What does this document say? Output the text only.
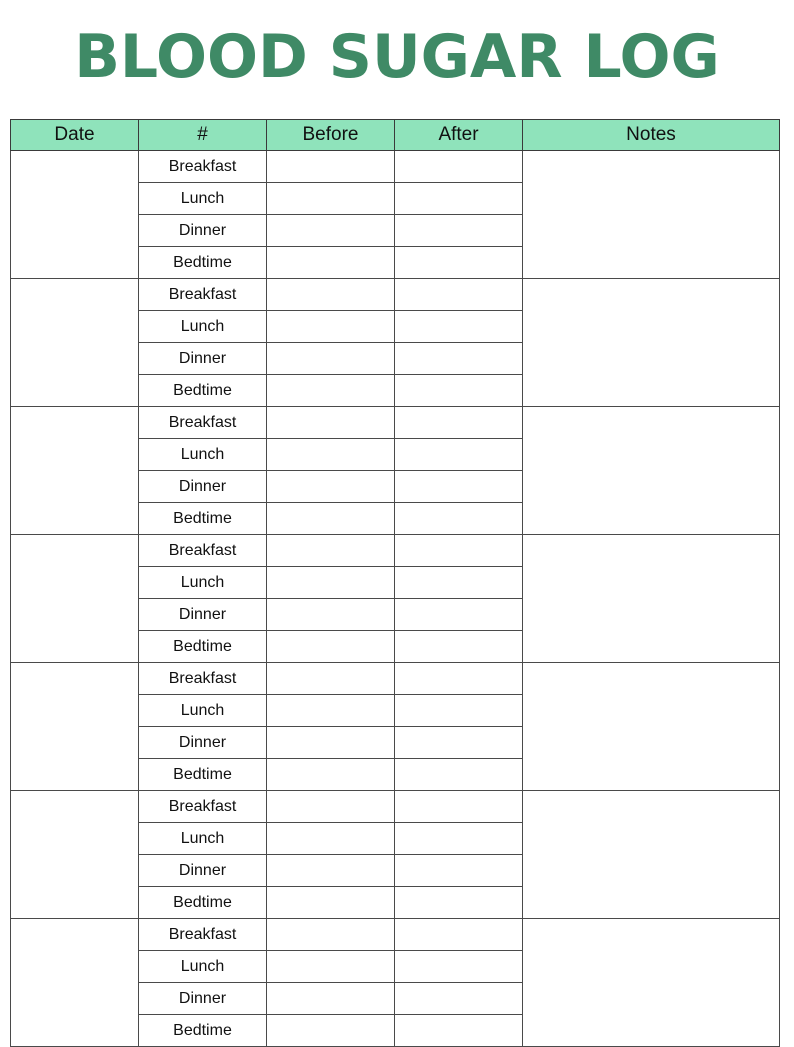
BLOOD SUGAR LOG
Date	#	Before	After	Notes
	Breakfast			
	Lunch			
	Dinner			
	Bedtime			
	Breakfast			
	Lunch			
	Dinner			
	Bedtime			
	Breakfast			
	Lunch			
	Dinner			
	Bedtime			
	Breakfast			
	Lunch			
	Dinner			
	Bedtime			
	Breakfast			
	Lunch			
	Dinner			
	Bedtime			
	Breakfast			
	Lunch			
	Dinner			
	Bedtime			
	Breakfast			
	Lunch			
	Dinner			
	Bedtime			
